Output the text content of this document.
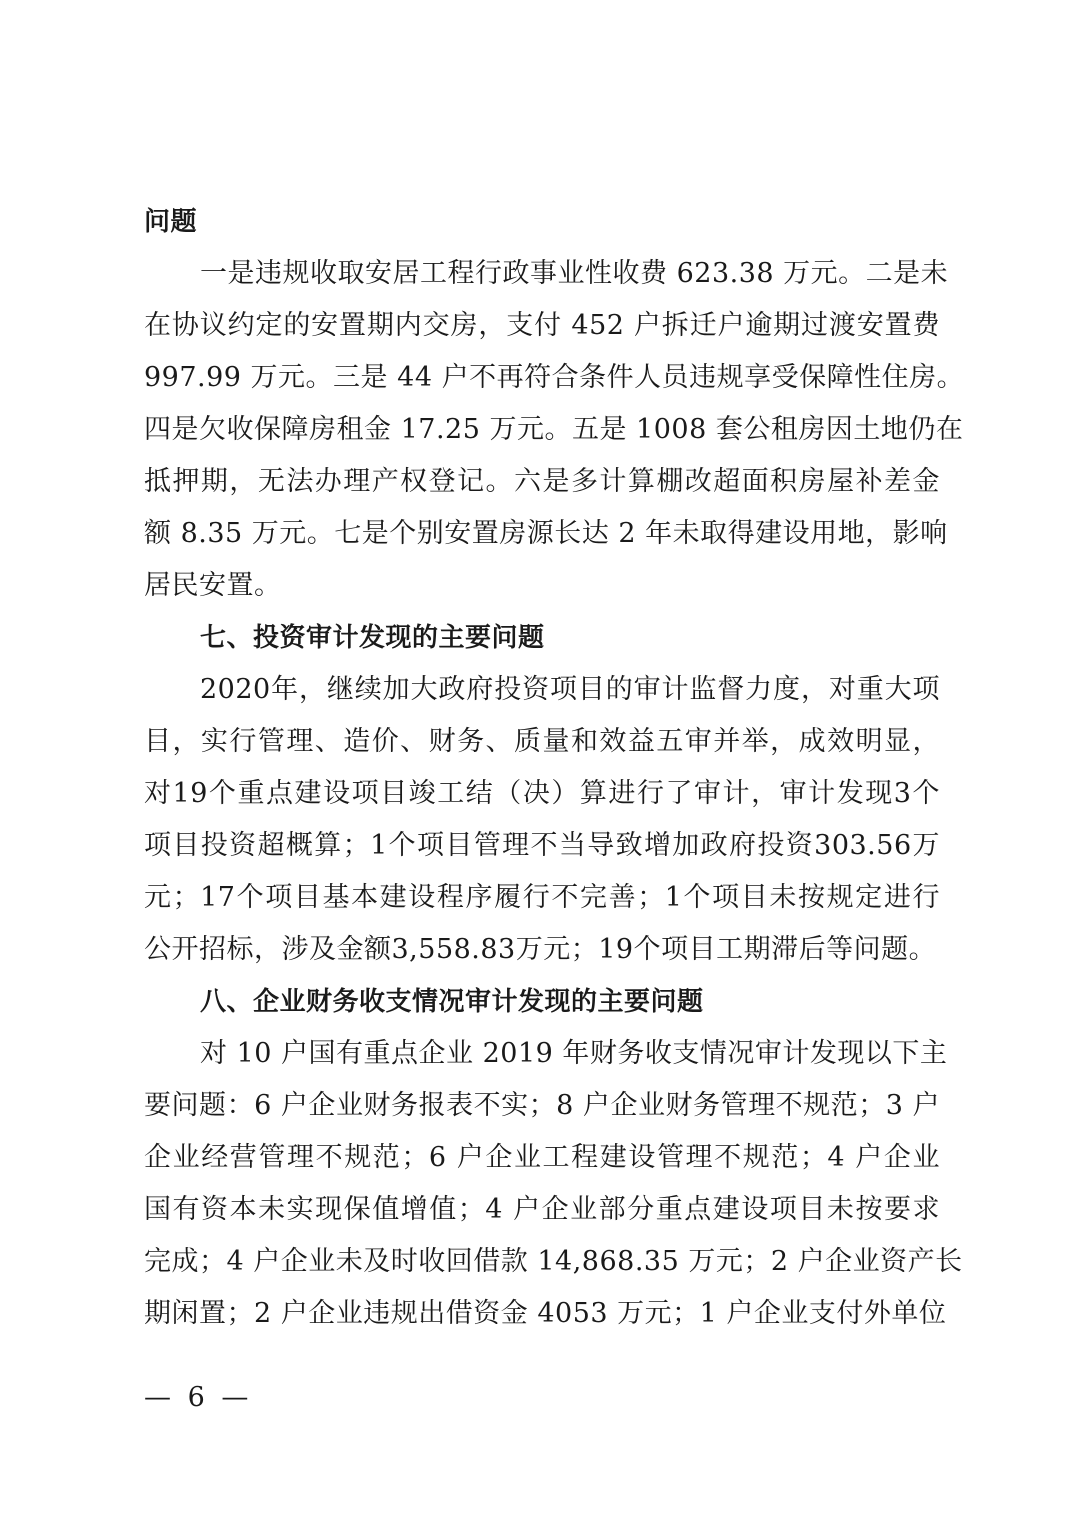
问题
一是违规收取安居工程行政事业性收费 623.38 万元。二是未
在协议约定的安置期内交房，支付 452 户拆迁户逾期过渡安置费
997.99 万元。三是 44 户不再符合条件人员违规享受保障性住房。
四是欠收保障房租金 17.25 万元。五是 1008 套公租房因土地仍在
抵押期，无法办理产权登记。六是多计算棚改超面积房屋补差金
额 8.35 万元。七是个别安置房源长达 2 年未取得建设用地，影响
居民安置。
七、投资审计发现的主要问题
2020年，继续加大政府投资项目的审计监督力度，对重大项
目，实行管理、造价、财务、质量和效益五审并举，成效明显，
对19个重点建设项目竣工结（决）算进行了审计，审计发现3个
项目投资超概算；1个项目管理不当导致增加政府投资303.56万
元；17个项目基本建设程序履行不完善；1个项目未按规定进行
公开招标，涉及金额3,558.83万元；19个项目工期滞后等问题。
八、企业财务收支情况审计发现的主要问题
对 10 户国有重点企业 2019 年财务收支情况审计发现以下主
要问题：6 户企业财务报表不实；8 户企业财务管理不规范；3 户
企业经营管理不规范；6 户企业工程建设管理不规范；4 户企业
国有资本未实现保值增值；4 户企业部分重点建设项目未按要求
完成；4 户企业未及时收回借款 14,868.35 万元；2 户企业资产长
期闲置；2 户企业违规出借资金 4053 万元；1 户企业支付外单位
— 6 —
